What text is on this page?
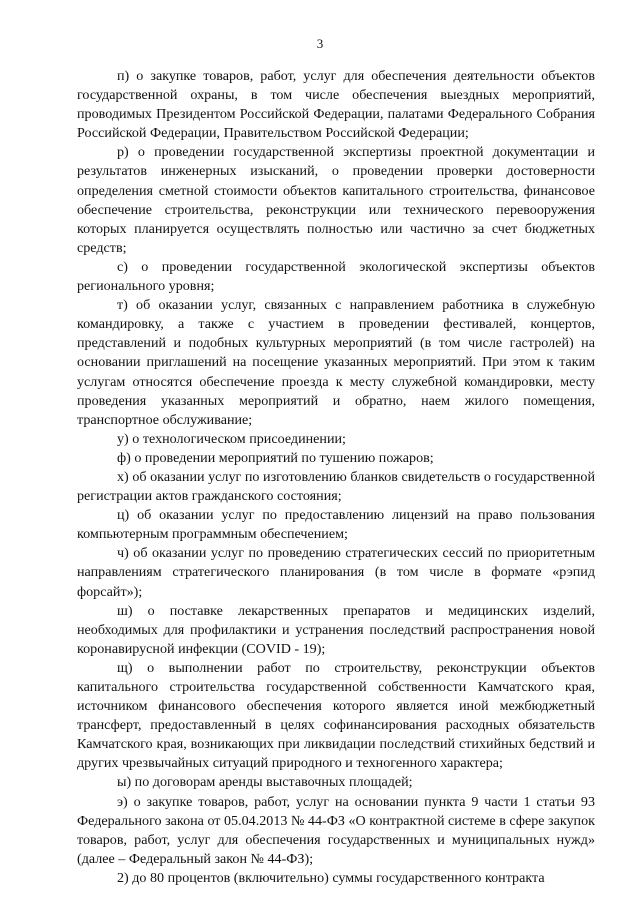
3

п) о закупке товаров, работ, услуг для обеспечения деятельности объектов государственной охраны, в том числе обеспечения выездных мероприятий, проводимых Президентом Российской Федерации, палатами Федерального Собрания Российской Федерации, Правительством Российской Федерации;

р) о проведении государственной экспертизы проектной документации и результатов инженерных изысканий, о проведении проверки достоверности определения сметной стоимости объектов капитального строительства, финансовое обеспечение строительства, реконструкции или технического перевооружения которых планируется осуществлять полностью или частично за счет бюджетных средств;

с) о проведении государственной экологической экспертизы объектов регионального уровня;

т) об оказании услуг, связанных с направлением работника в служебную командировку, а также с участием в проведении фестивалей, концертов, представлений и подобных культурных мероприятий (в том числе гастролей) на основании приглашений на посещение указанных мероприятий. При этом к таким услугам относятся обеспечение проезда к месту служебной командировки, месту проведения указанных мероприятий и обратно, наем жилого помещения, транспортное обслуживание;

у) о технологическом присоединении;

ф) о проведении мероприятий по тушению пожаров;

х) об оказании услуг по изготовлению бланков свидетельств о государственной регистрации актов гражданского состояния;

ц) об оказании услуг по предоставлению лицензий на право пользования компьютерным программным обеспечением;

ч) об оказании услуг по проведению стратегических сессий по приоритетным направлениям стратегического планирования (в том числе в формате «рэпид форсайт»);

ш) о поставке лекарственных препаратов и медицинских изделий, необходимых для профилактики и устранения последствий распространения новой коронавирусной инфекции (COVID - 19);

щ) о выполнении работ по строительству, реконструкции объектов капитального строительства государственной собственности Камчатского края, источником финансового обеспечения которого является иной межбюджетный трансферт, предоставленный в целях софинансирования расходных обязательств Камчатского края, возникающих при ликвидации последствий стихийных бедствий и других чрезвычайных ситуаций природного и техногенного характера;

ы) по договорам аренды выставочных площадей;

э) о закупке товаров, работ, услуг на основании пункта 9 части 1 статьи 93 Федерального закона от 05.04.2013 № 44-ФЗ «О контрактной системе в сфере закупок товаров, работ, услуг для обеспечения государственных и муниципальных нужд» (далее – Федеральный закон № 44-ФЗ);

2) до 80 процентов (включительно) суммы государственного контракта
